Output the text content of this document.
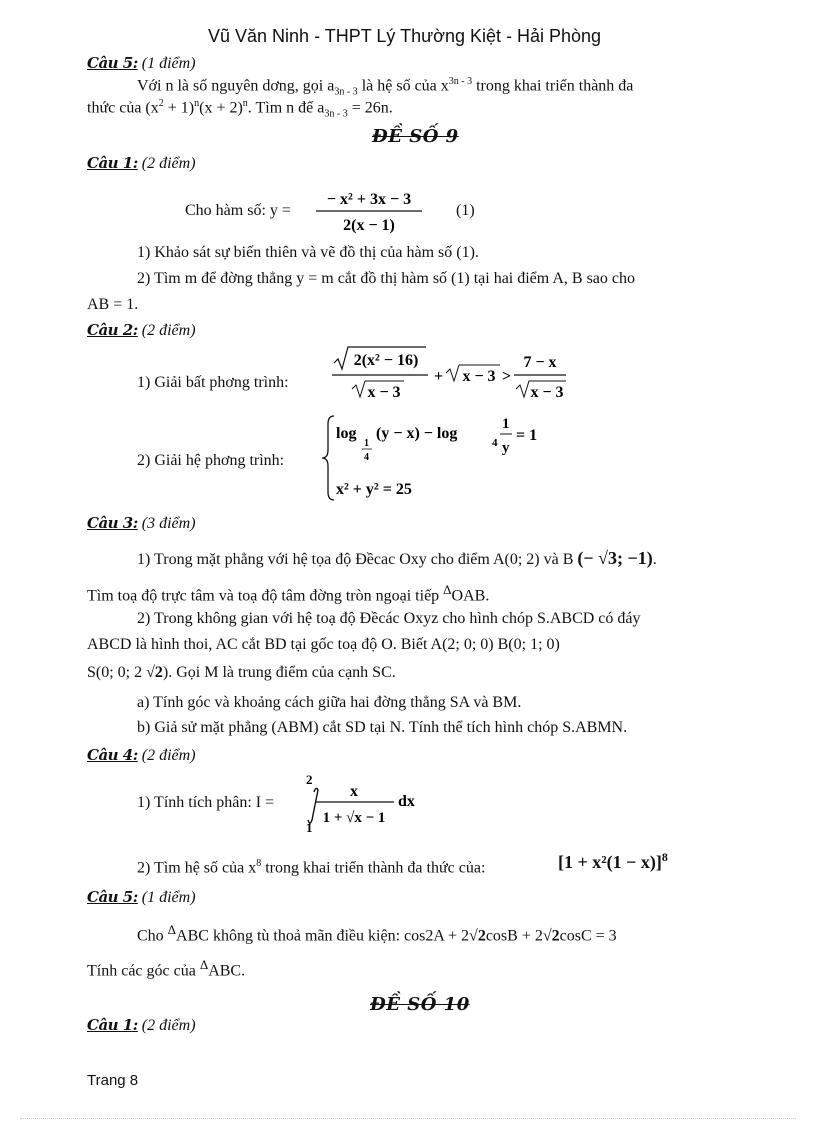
Vũ Văn Ninh - THPT Lý Thường Kiệt - Hải Phòng
Câu 5: (1 điểm)
Với n là số nguyên dơng, gọi $a_{3n - 3}$ là hệ số của $x^{3n - 3}$ trong khai triển thành đa
thức của $(x^2 + 1)^n(x + 2)^n$. Tìm n để $a_{3n - 3} = 26n$.
ĐỀ SỐ 9
Câu 1: (2 điểm)
Cho hàm số: y =
− x² + 3x − 3
2(x − 1)
(1)
1) Khảo sát sự biến thiên và vẽ đồ thị của hàm số (1).
2) Tìm m để đờng thẳng y = m cắt đồ thị hàm số (1) tại hai điểm A, B sao cho
AB = 1.
Câu 2: (2 điểm)
1) Giải bất phơng trình:
2(x² − 16)
x − 3
+ x − 3 >
7 − x
x − 3
2) Giải hệ phơng trình:
log
1
4
(y − x) − log
4
1
y
= 1
x² + y² = 25
Câu 3: (3 điểm)
1) Trong mặt phẳng với hệ tọa độ Đềcac Oxy cho điểm A(0; 2) và B (− √3; −1).
Tìm toạ độ trực tâm và toạ độ tâm đờng tròn ngoại tiếp $^\Delta$OAB.
2) Trong không gian với hệ toạ độ Đềcác Oxyz cho hình chóp S.ABCD có đáy
ABCD là hình thoi, AC cắt BD tại gốc toạ độ O. Biết A(2; 0; 0) B(0; 1; 0)
S(0; 0; 2 √2). Gọi M là trung điểm của cạnh SC.
a) Tính góc và khoảng cách giữa hai đờng thẳng SA và BM.
b) Giả sử mặt phẳng (ABM) cắt SD tại N. Tính thể tích hình chóp S.ABMN.
Câu 4: (2 điểm)
1) Tính tích phân: I =
2
1
x
1 + √x − 1
dx
2) Tìm hệ số của $x^8$ trong khai triển thành đa thức của:	$[1 + x^2(1 - x)]^8$
Câu 5: (1 điểm)
Cho $^\Delta$ABC không tù thoả mãn điều kiện: cos2A + 2√2cosB + 2√2cosC = 3
Tính các góc của $^\Delta$ABC.
ĐỀ SỐ 10
Câu 1: (2 điểm)
Trang 8
